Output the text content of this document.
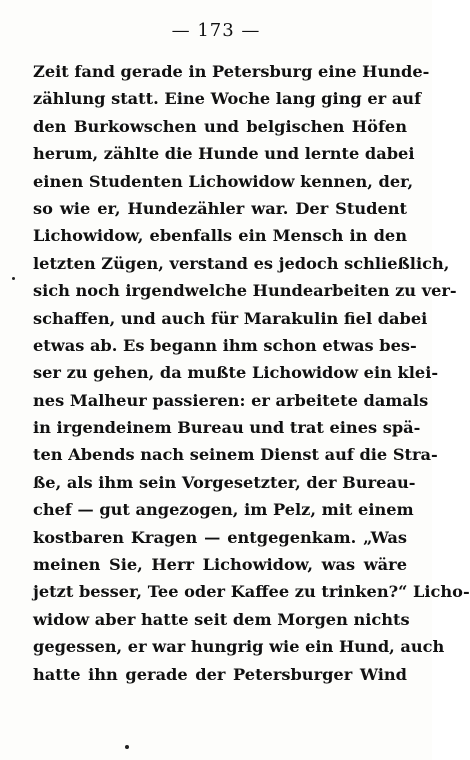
— 173 —
Zeit fand gerade in Petersburg eine Hunde-
zählung statt. Eine Woche lang ging er auf
den Burkowschen und belgischen Höfen
herum, zählte die Hunde und lernte dabei
einen Studenten Lichowidow kennen, der,
so wie er, Hundezähler war. Der Student
Lichowidow, ebenfalls ein Mensch in den
letzten Zügen, verstand es jedoch schließlich,
sich noch irgendwelche Hundearbeiten zu ver-
schaffen, und auch für Marakulin fiel dabei
etwas ab. Es begann ihm schon etwas bes-
ser zu gehen, da mußte Lichowidow ein klei-
nes Malheur passieren: er arbeitete damals
in irgendeinem Bureau und trat eines spä-
ten Abends nach seinem Dienst auf die Stra-
ße, als ihm sein Vorgesetzter, der Bureau-
chef — gut angezogen, im Pelz, mit einem
kostbaren Kragen — entgegenkam. „Was
meinen Sie, Herr Lichowidow, was wäre
jetzt besser, Tee oder Kaffee zu trinken?“ Licho-
widow aber hatte seit dem Morgen nichts
gegessen, er war hungrig wie ein Hund, auch
hatte ihn gerade der Petersburger Wind
